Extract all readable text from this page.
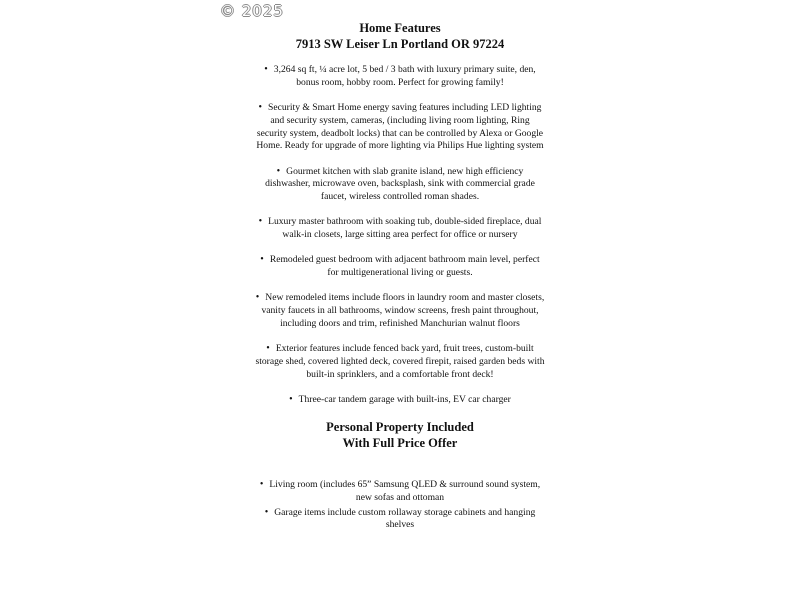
© 2025

Home Features

7913 SW Leiser Ln Portland OR 97224

• 3,264 sq ft, ¼ acre lot, 5 bed / 3 bath with luxury primary suite, den, bonus room, hobby room. Perfect for growing family!
• Security & Smart Home energy saving features including LED lighting and security system, cameras, (including living room lighting, Ring security system, deadbolt locks) that can be controlled by Alexa or Google Home. Ready for upgrade of more lighting via Philips Hue lighting system
• Gourmet kitchen with slab granite island, new high efficiency dishwasher, microwave oven, backsplash, sink with commercial grade faucet, wireless controlled roman shades.
• Luxury master bathroom with soaking tub, double-sided fireplace, dual walk-in closets, large sitting area perfect for office or nursery
• Remodeled guest bedroom with adjacent bathroom main level, perfect for multigenerational living or guests.
• New remodeled items include floors in laundry room and master closets, vanity faucets in all bathrooms, window screens, fresh paint throughout, including doors and trim, refinished Manchurian walnut floors
• Exterior features include fenced back yard, fruit trees, custom-built storage shed, covered lighted deck, covered firepit, raised garden beds with built-in sprinklers, and a comfortable front deck!
• Three-car tandem garage with built-ins, EV car charger

Personal Property Included

With Full Price Offer

• Living room (includes 65” Samsung QLED & surround sound system, new sofas and ottoman
• Garage items include custom rollaway storage cabinets and hanging shelves
